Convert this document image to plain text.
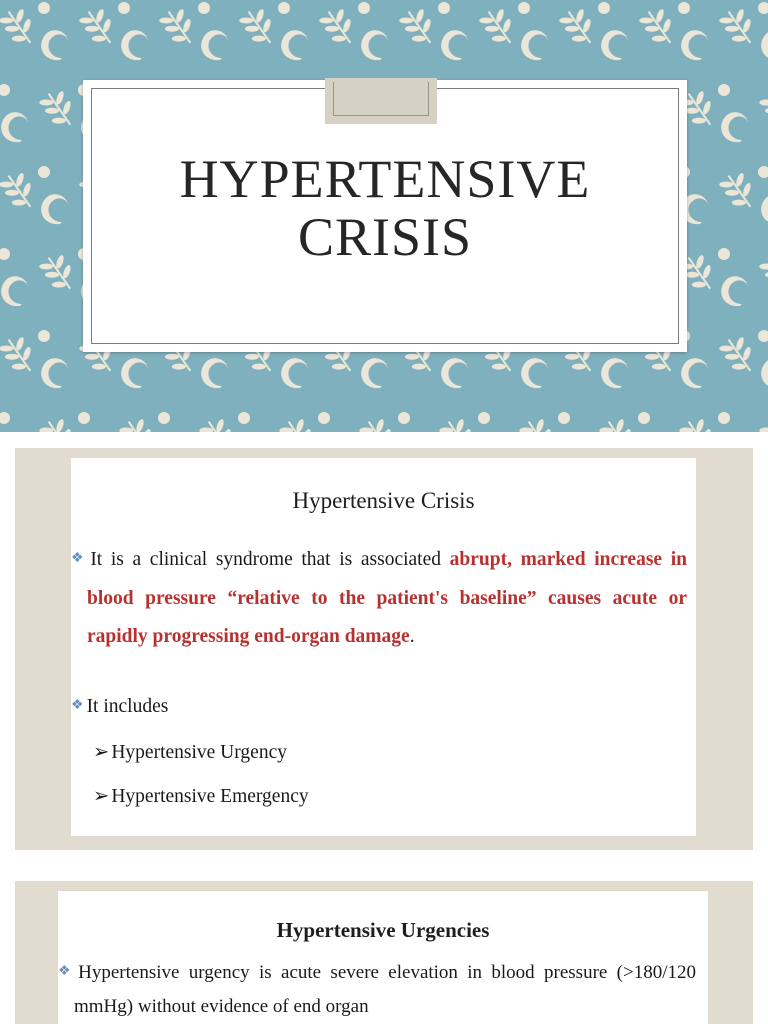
HYPERTENSIVE
CRISIS
Hypertensive Crisis
❖ It is a clinical syndrome that is associated abrupt, marked increase in blood pressure “relative to the patient's baseline” causes acute or rapidly progressing end-organ damage.
❖ It includes
➢ Hypertensive Urgency
➢ Hypertensive Emergency
Hypertensive Urgencies
❖ Hypertensive urgency is acute severe elevation in blood pressure (>180/120 mmHg) without evidence of end organ
